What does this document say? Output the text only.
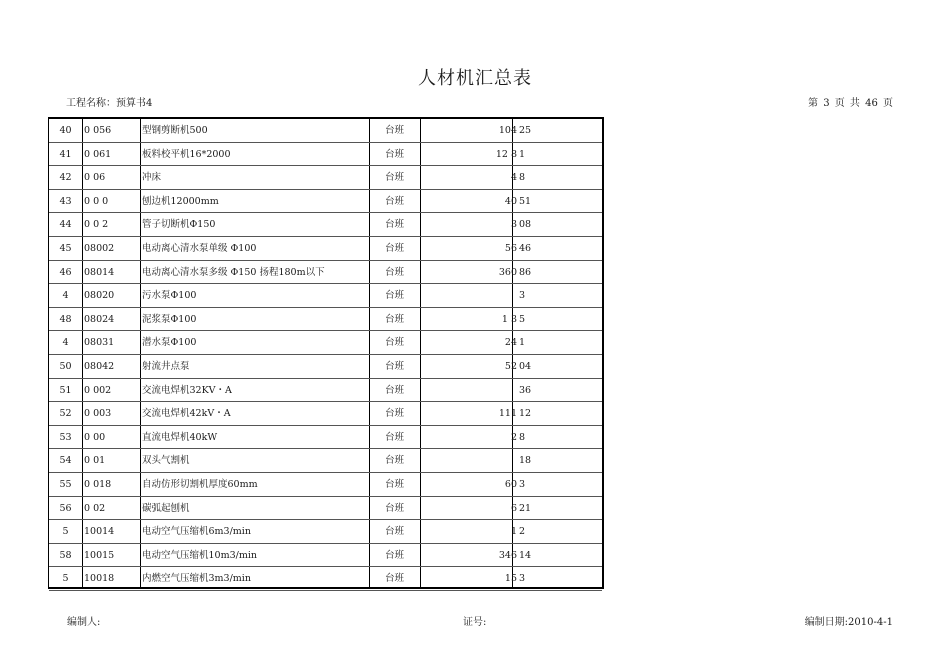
人材机汇总表
工程名称：预算书4	第 3 页 共 46 页
40	0 056	型钢剪断机500	台班	104 25
41	0 061	板料校平机16*2000	台班	12 8 1
42	0 06	冲床	台班	4 8
43	0 0 0	刨边机12000mm	台班	40 51
44	0 0 2	管子切断机Φ150	台班	3 08
45	08002	电动离心清水泵单级 Φ100	台班	56 46
46	08014	电动离心清水泵多级 Φ150 扬程180m以下	台班	360 86
4	08020	污水泵Φ100	台班	3
48	08024	泥浆泵Φ100	台班	1 3 5
4	08031	潜水泵Φ100	台班	24 1
50	08042	射流井点泵	台班	52 04
51	0 002	交流电焊机32KV・A	台班	36
52	0 003	交流电焊机42kV・A	台班	111 12
53	0 00	直流电焊机40kW	台班	2 8
54	0 01	双头气割机	台班	18
55	0 018	自动仿形切割机厚度60mm	台班	60 3
56	0 02	碳弧起刨机	台班	6 21
5	10014	电动空气压缩机6m3/min	台班	1 2
58	10015	电动空气压缩机10m3/min	台班	346 14
5	10018	内燃空气压缩机3m3/min	台班	15 3
编制人:	证号:	编制日期:2010-4-1
